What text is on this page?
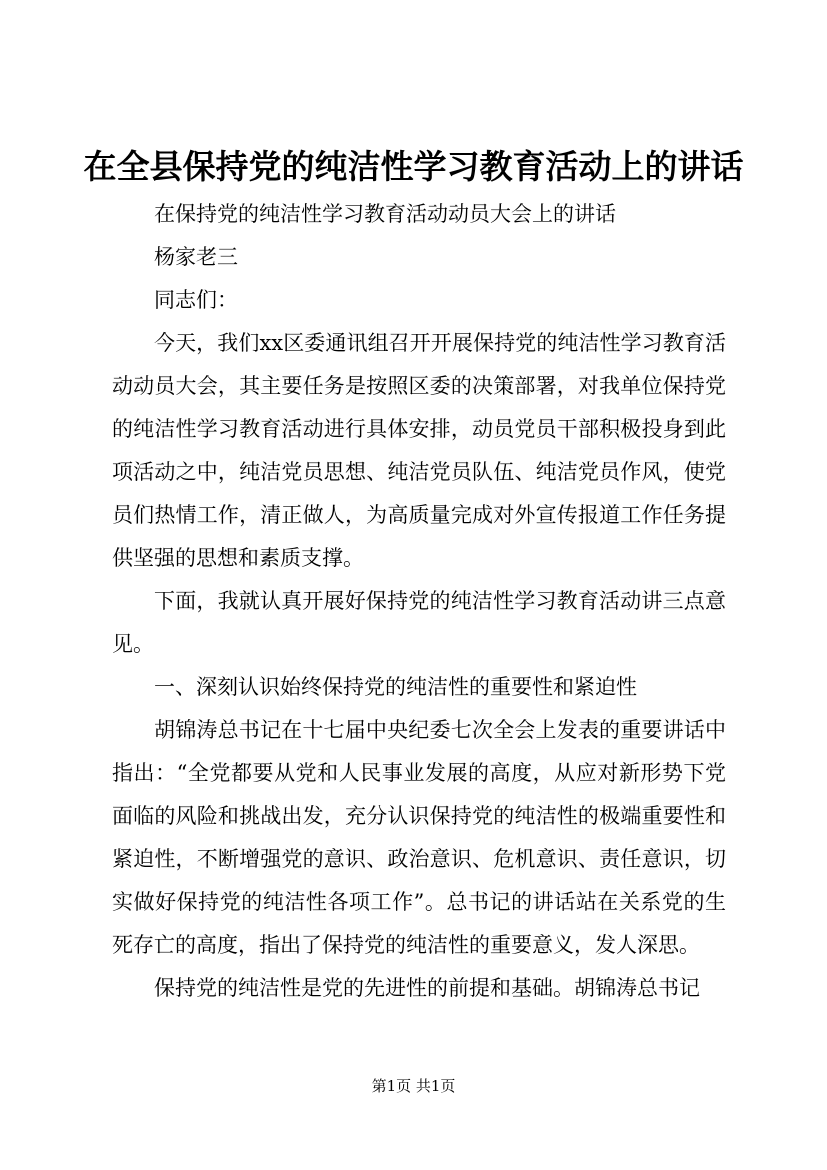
在全县保持党的纯洁性学习教育活动上的讲话

在保持党的纯洁性学习教育活动动员大会上的讲话

杨家老三

同志们：

今天，我们xx区委通讯组召开开展保持党的纯洁性学习教育活动动员大会，其主要任务是按照区委的决策部署，对我单位保持党的纯洁性学习教育活动进行具体安排，动员党员干部积极投身到此项活动之中，纯洁党员思想、纯洁党员队伍、纯洁党员作风，使党员们热情工作，清正做人，为高质量完成对外宣传报道工作任务提供坚强的思想和素质支撑。

下面，我就认真开展好保持党的纯洁性学习教育活动讲三点意见。

一、深刻认识始终保持党的纯洁性的重要性和紧迫性

胡锦涛总书记在十七届中央纪委七次全会上发表的重要讲话中指出：“全党都要从党和人民事业发展的高度，从应对新形势下党面临的风险和挑战出发，充分认识保持党的纯洁性的极端重要性和紧迫性，不断增强党的意识、政治意识、危机意识、责任意识，切实做好保持党的纯洁性各项工作”。总书记的讲话站在关系党的生死存亡的高度，指出了保持党的纯洁性的重要意义，发人深思。

保持党的纯洁性是党的先进性的前提和基础。胡锦涛总书记

第1页 共1页
